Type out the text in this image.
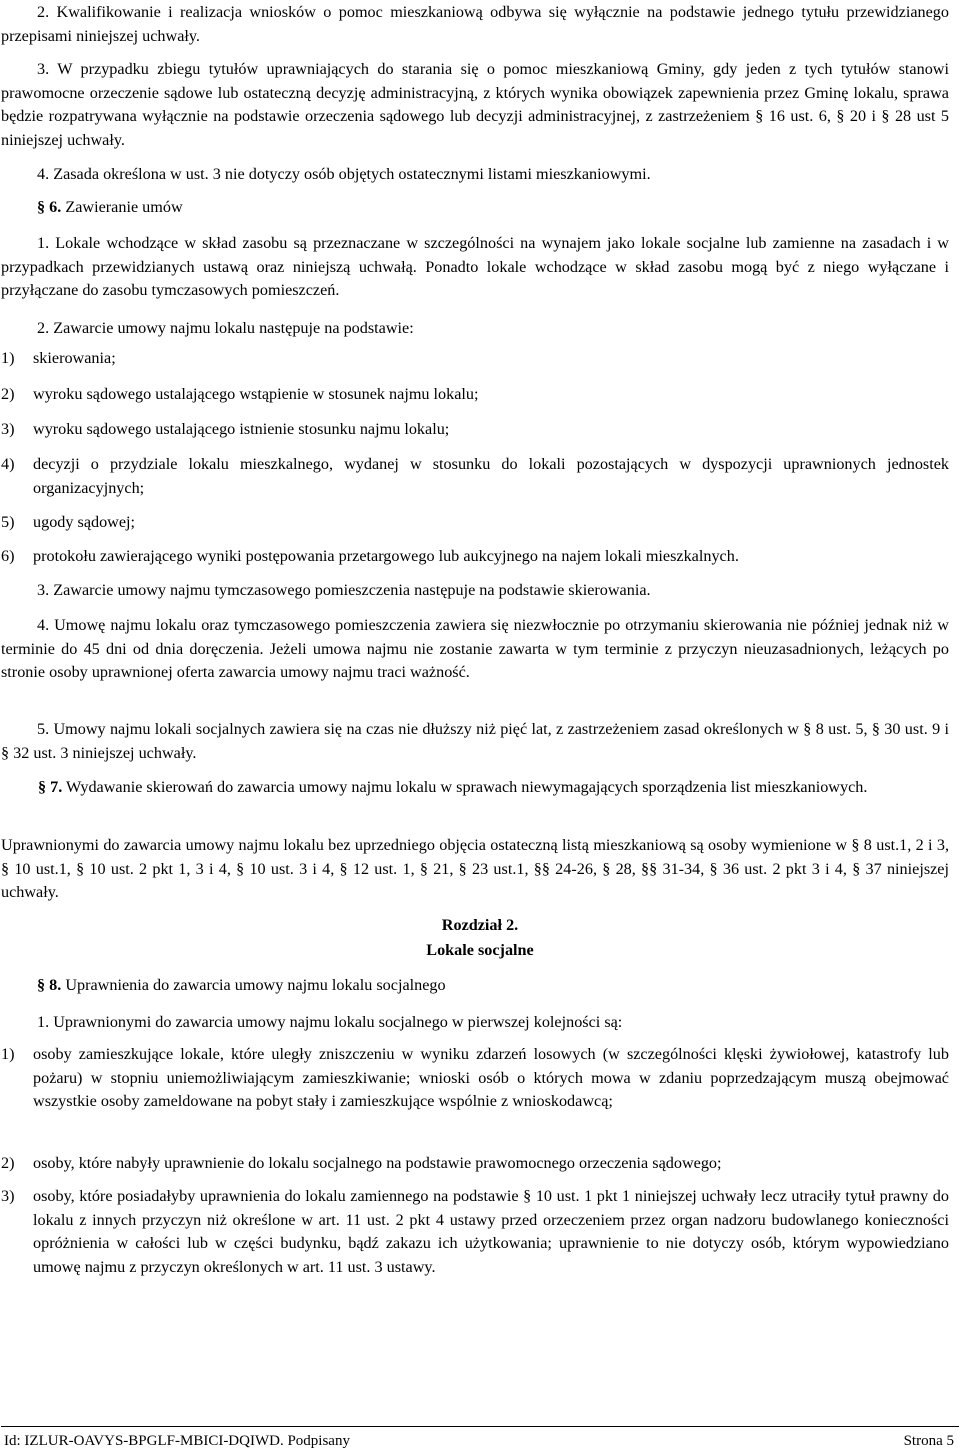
2. Kwalifikowanie i realizacja wniosków o pomoc mieszkaniową odbywa się wyłącznie na podstawie jednego tytułu przewidzianego przepisami niniejszej uchwały.

3. W przypadku zbiegu tytułów uprawniających do starania się o pomoc mieszkaniową Gminy, gdy jeden z tych tytułów stanowi prawomocne orzeczenie sądowe lub ostateczną decyzję administracyjną, z których wynika obowiązek zapewnienia przez Gminę lokalu, sprawa będzie rozpatrywana wyłącznie na podstawie orzeczenia sądowego lub decyzji administracyjnej, z zastrzeżeniem § 16 ust. 6, § 20 i § 28 ust 5 niniejszej uchwały.

4. Zasada określona w ust. 3 nie dotyczy osób objętych ostatecznymi listami mieszkaniowymi.

§ 6. Zawieranie umów

1. Lokale wchodzące w skład zasobu są przeznaczane w szczególności na wynajem jako lokale socjalne lub zamienne na zasadach i w przypadkach przewidzianych ustawą oraz niniejszą uchwałą. Ponadto lokale wchodzące w skład zasobu mogą być z niego wyłączane i przyłączane do zasobu tymczasowych pomieszczeń.

2. Zawarcie umowy najmu lokalu następuje na podstawie:

1) skierowania;
2) wyroku sądowego ustalającego wstąpienie w stosunek najmu lokalu;
3) wyroku sądowego ustalającego istnienie stosunku najmu lokalu;
4) decyzji o przydziale lokalu mieszkalnego, wydanej w stosunku do lokali pozostających w dyspozycji uprawnionych jednostek organizacyjnych;
5) ugody sądowej;
6) protokołu zawierającego wyniki postępowania przetargowego lub aukcyjnego na najem lokali mieszkalnych.

3. Zawarcie umowy najmu tymczasowego pomieszczenia następuje na podstawie skierowania.

4. Umowę najmu lokalu oraz tymczasowego pomieszczenia zawiera się niezwłocznie po otrzymaniu skierowania nie później jednak niż w terminie do 45 dni od dnia doręczenia. Jeżeli umowa najmu nie zostanie zawarta w tym terminie z przyczyn nieuzasadnionych, leżących po stronie osoby uprawnionej oferta zawarcia umowy najmu traci ważność.

5. Umowy najmu lokali socjalnych zawiera się na czas nie dłuższy niż pięć lat, z zastrzeżeniem zasad określonych w § 8 ust. 5, § 30 ust. 9 i § 32 ust. 3 niniejszej uchwały.

§ 7. Wydawanie skierowań do zawarcia umowy najmu lokalu w sprawach niewymagających sporządzenia list mieszkaniowych.

Uprawnionymi do zawarcia umowy najmu lokalu bez uprzedniego objęcia ostateczną listą mieszkaniową są osoby wymienione w § 8 ust.1, 2 i 3, § 10 ust.1, § 10 ust. 2 pkt 1, 3 i 4, § 10 ust. 3 i 4, § 12 ust. 1, § 21, § 23 ust.1, §§ 24-26, § 28, §§ 31-34, § 36 ust. 2 pkt 3 i 4, § 37 niniejszej uchwały.

Rozdział 2.

Lokale socjalne

§ 8. Uprawnienia do zawarcia umowy najmu lokalu socjalnego

1. Uprawnionymi do zawarcia umowy najmu lokalu socjalnego w pierwszej kolejności są:

1) osoby zamieszkujące lokale, które uległy zniszczeniu w wyniku zdarzeń losowych (w szczególności klęski żywiołowej, katastrofy lub pożaru) w stopniu uniemożliwiającym zamieszkiwanie; wnioski osób o których mowa w zdaniu poprzedzającym muszą obejmować wszystkie osoby zameldowane na pobyt stały i zamieszkujące wspólnie z wnioskodawcą;
2) osoby, które nabyły uprawnienie do lokalu socjalnego na podstawie prawomocnego orzeczenia sądowego;
3) osoby, które posiadałyby uprawnienia do lokalu zamiennego na podstawie § 10 ust. 1 pkt 1 niniejszej uchwały lecz utraciły tytuł prawny do lokalu z innych przyczyn niż określone w art. 11 ust. 2 pkt 4 ustawy przed orzeczeniem przez organ nadzoru budowlanego konieczności opróżnienia w całości lub w części budynku, bądź zakazu ich użytkowania; uprawnienie to nie dotyczy osób, którym wypowiedziano umowę najmu z przyczyn określonych w art. 11 ust. 3 ustawy.
Id: IZLUR-OAVYS-BPGLF-MBICI-DQIWD. Podpisany	Strona 5
